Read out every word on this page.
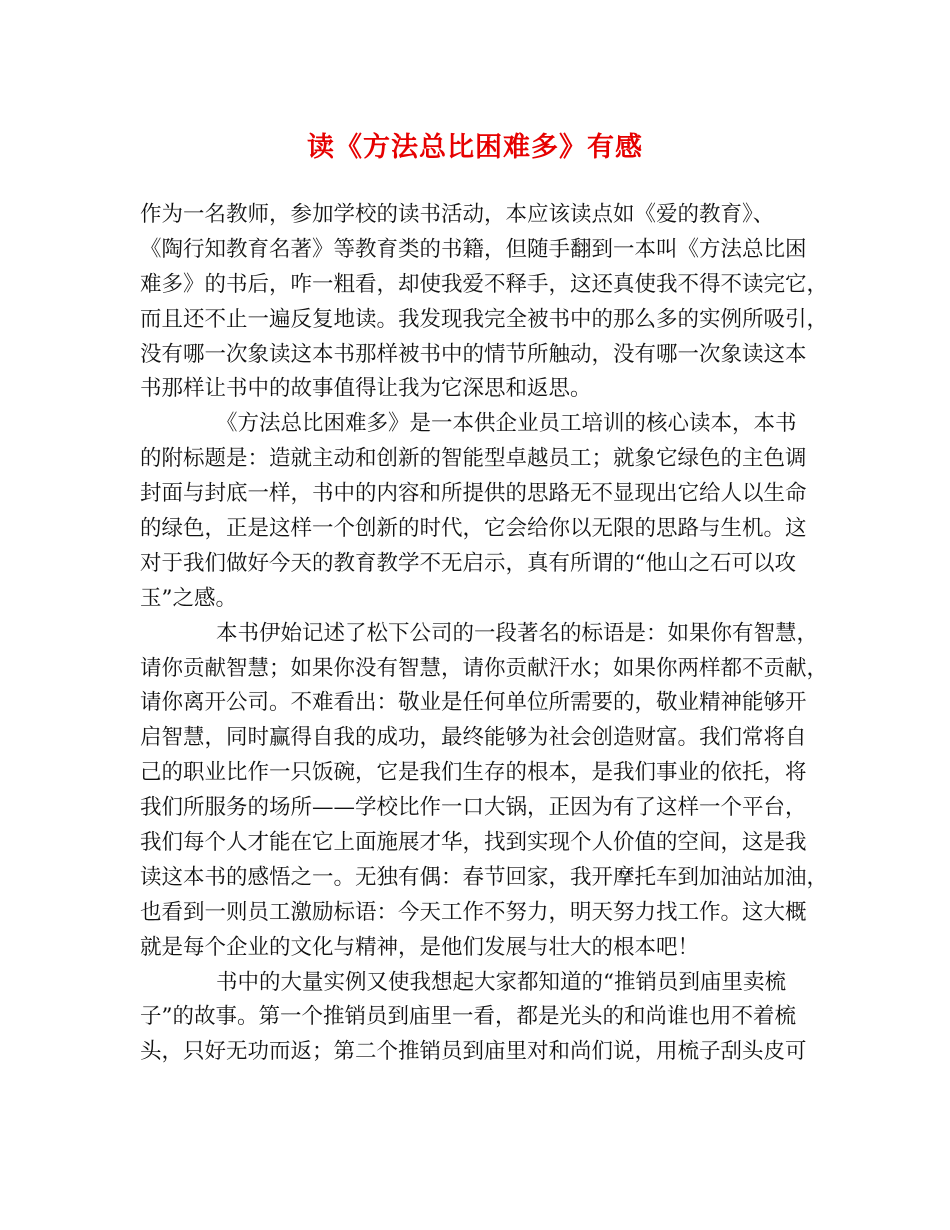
读《方法总比困难多》有感
作为一名教师，参加学校的读书活动，本应该读点如《爱的教育》、
《陶行知教育名著》等教育类的书籍，但随手翻到一本叫《方法总比困
难多》的书后，咋一粗看，却使我爱不释手，这还真使我不得不读完它，
而且还不止一遍反复地读。我发现我完全被书中的那么多的实例所吸引，
没有哪一次象读这本书那样被书中的情节所触动，没有哪一次象读这本
书那样让书中的故事值得让我为它深思和返思。
《方法总比困难多》是一本供企业员工培训的核心读本，本书
的附标题是：造就主动和创新的智能型卓越员工；就象它绿色的主色调
封面与封底一样，书中的内容和所提供的思路无不显现出它给人以生命
的绿色，正是这样一个创新的时代，它会给你以无限的思路与生机。这
对于我们做好今天的教育教学不无启示，真有所谓的“他山之石可以攻
玉”之感。
本书伊始记述了松下公司的一段著名的标语是：如果你有智慧，
请你贡献智慧；如果你没有智慧，请你贡献汗水；如果你两样都不贡献，
请你离开公司。不难看出：敬业是任何单位所需要的，敬业精神能够开
启智慧，同时赢得自我的成功，最终能够为社会创造财富。我们常将自
己的职业比作一只饭碗，它是我们生存的根本，是我们事业的依托，将
我们所服务的场所——学校比作一口大锅，正因为有了这样一个平台，
我们每个人才能在它上面施展才华，找到实现个人价值的空间，这是我
读这本书的感悟之一。无独有偶：春节回家，我开摩托车到加油站加油，
也看到一则员工激励标语：今天工作不努力，明天努力找工作。这大概
就是每个企业的文化与精神，是他们发展与壮大的根本吧！
书中的大量实例又使我想起大家都知道的“推销员到庙里卖梳
子”的故事。第一个推销员到庙里一看，都是光头的和尚谁也用不着梳
头，只好无功而返；第二个推销员到庙里对和尚们说，用梳子刮头皮可
